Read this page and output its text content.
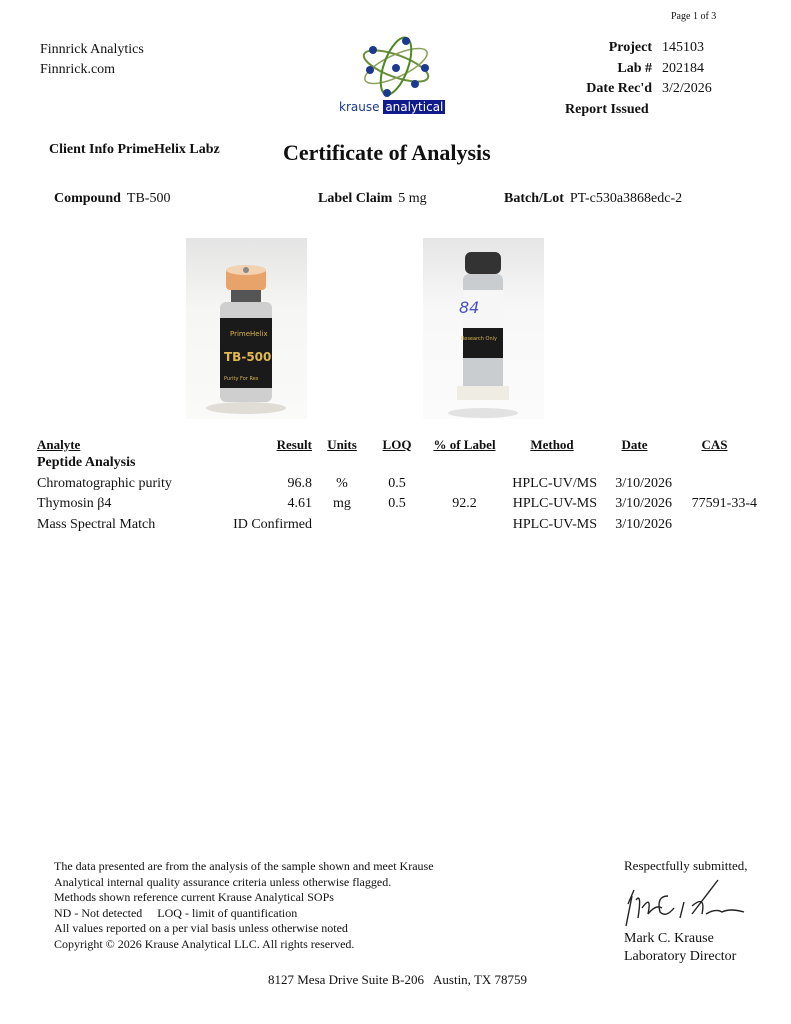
Page 1 of 3
Finnrick Analytics
Finnrick.com
krause analytical
Project 145103
Lab # 202184
Date Rec'd 3/2/2026
Report Issued
Client Info PrimeHelix Labz	Certificate of Analysis
Compound TB-500	Label Claim 5 mg	Batch/Lot PT-c530a3868edc-2
PrimeHelix
TB-500
Purity For Res
84
Research Only
Analyte	Result	Units	LOQ	% of Label	Method	Date	CAS
Peptide Analysis							
Chromatographic purity	96.8	%	0.5		HPLC-UV/MS	3/10/2026	
Thymosin β4	4.61	mg	0.5	92.2	HPLC-UV-MS	3/10/2026	77591-33-4
Mass Spectral Match	ID Confirmed				HPLC-UV-MS	3/10/2026	
The data presented are from the analysis of the sample shown and meet Krause
Analytical internal quality assurance criteria unless otherwise flagged.
Methods shown reference current Krause Analytical SOPs
ND - Not detected     LOQ - limit of quantification
All values reported on a per vial basis unless otherwise noted
Copyright © 2026 Krause Analytical LLC. All rights reserved.
Respectfully submitted,
Mark C. Krause
Laboratory Director
8127 Mesa Drive Suite B-206   Austin, TX 78759
